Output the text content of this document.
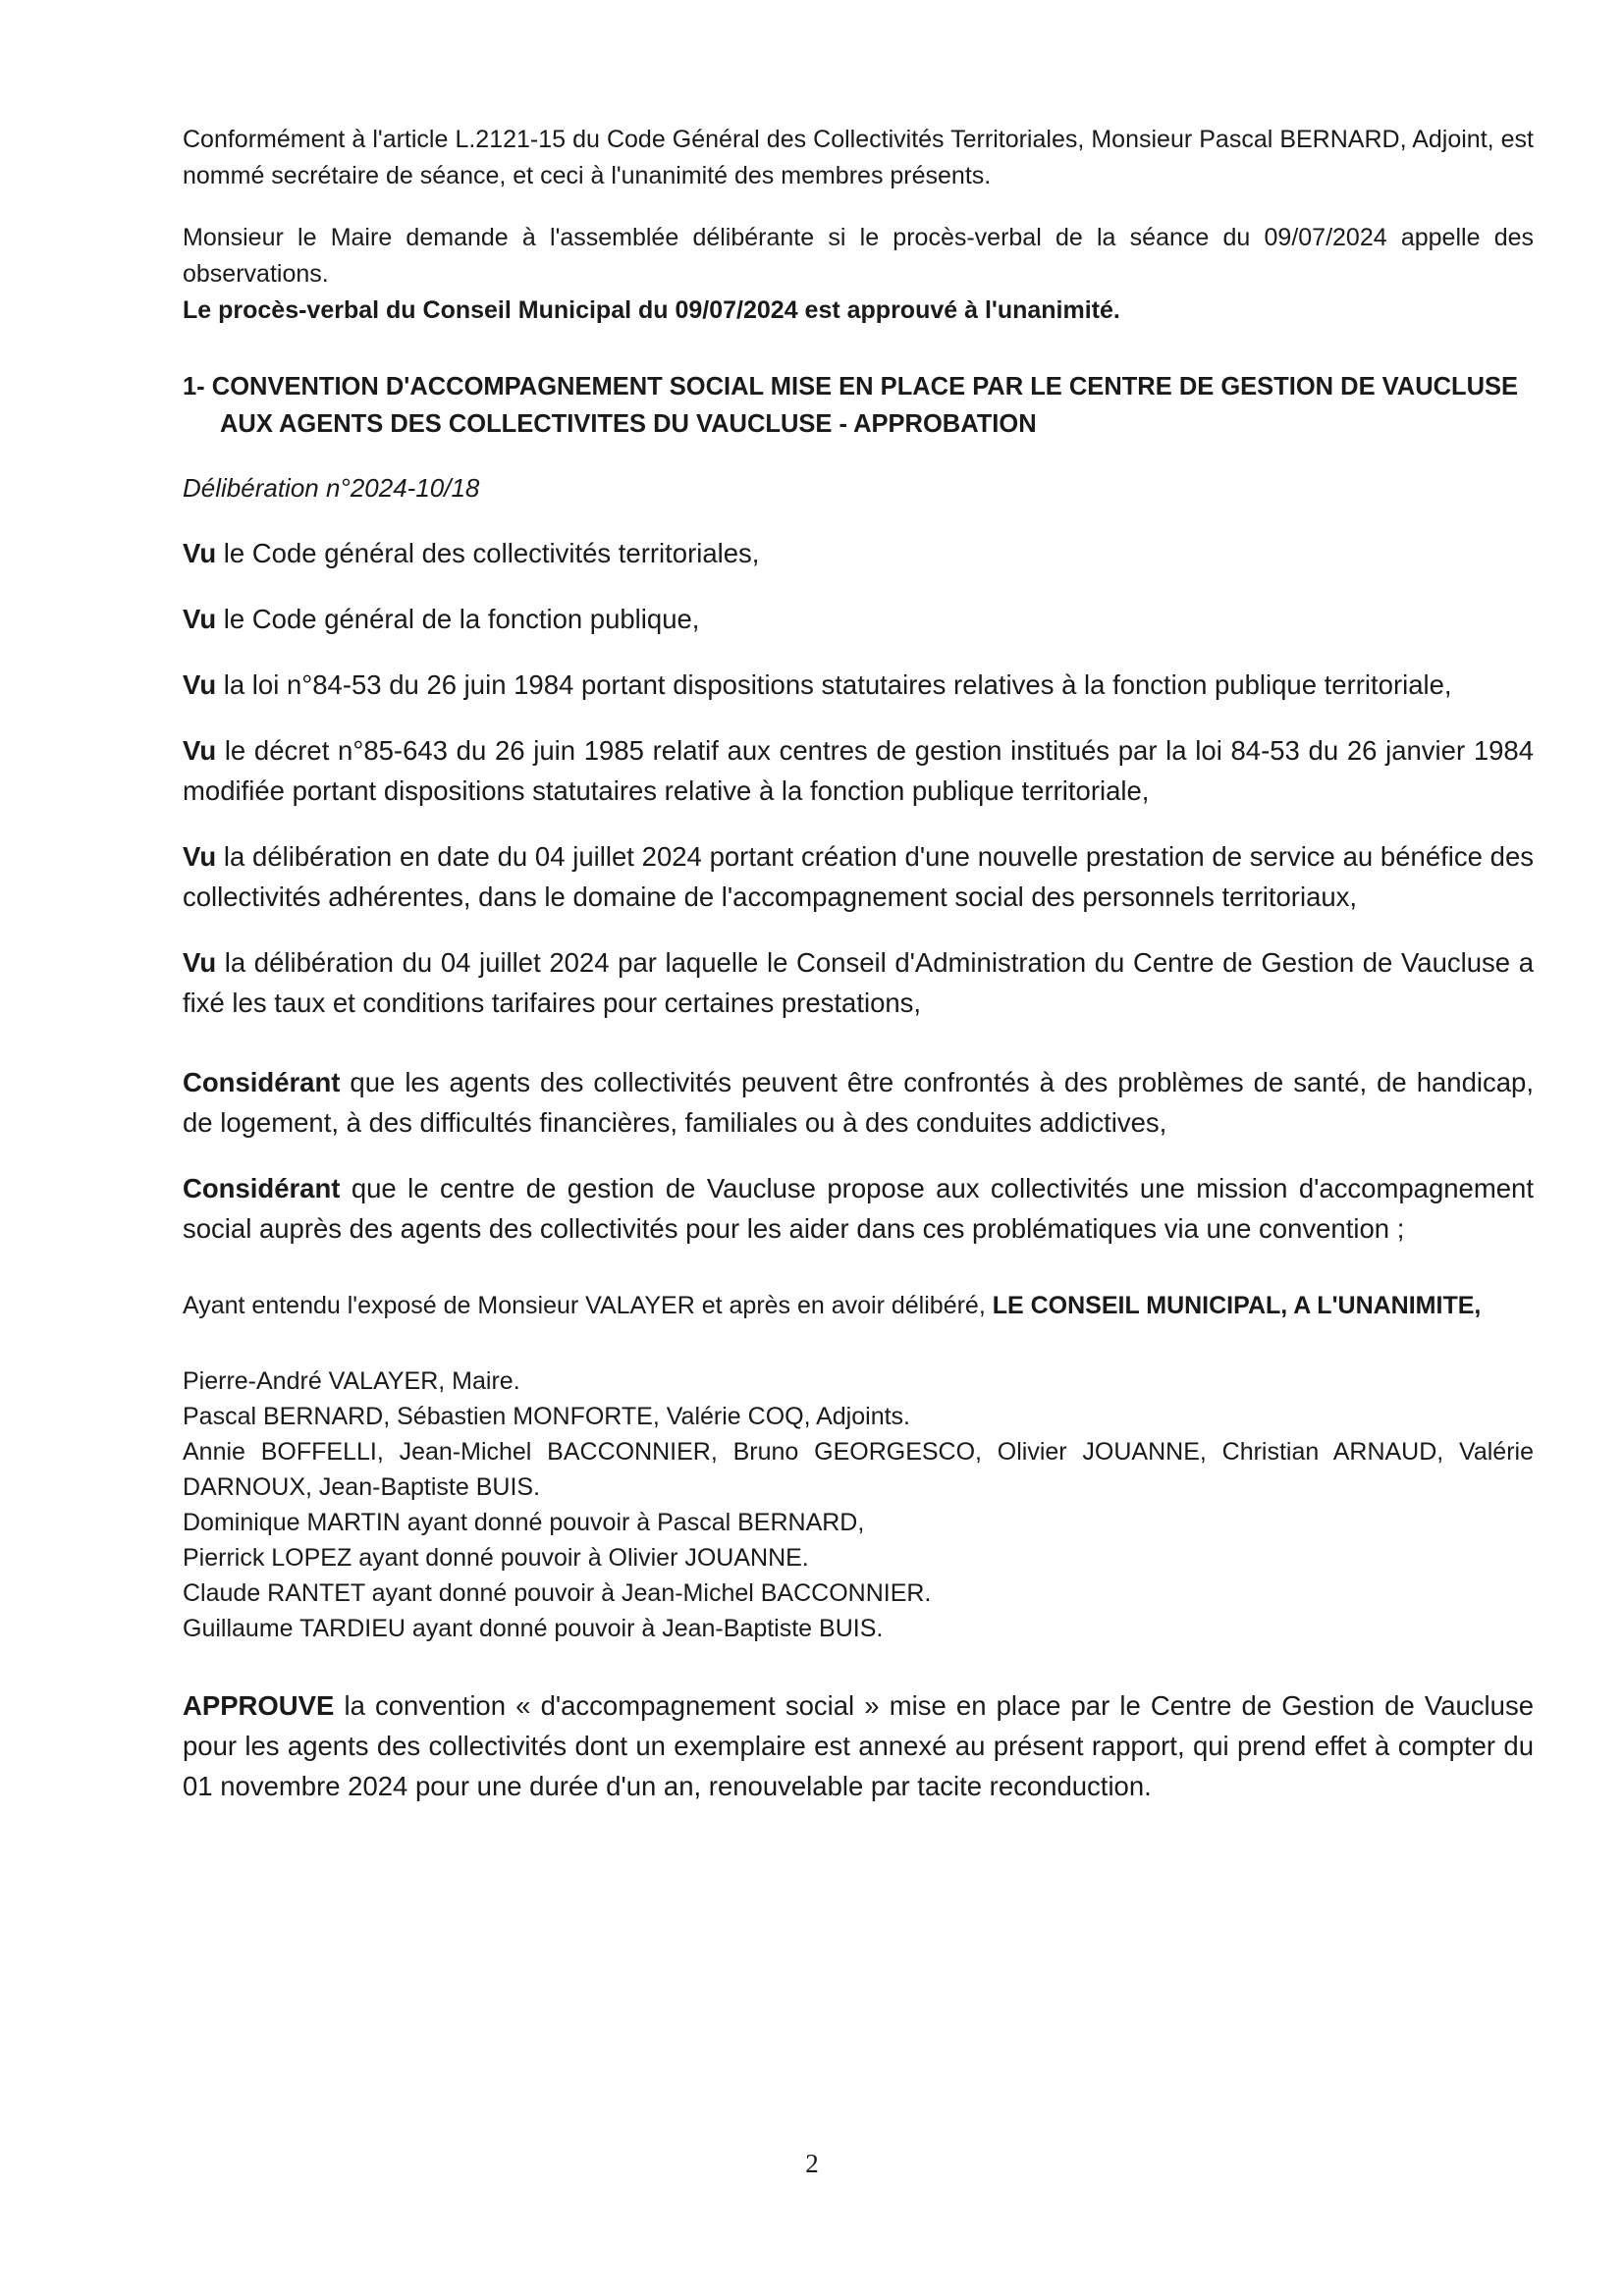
Conformément à l'article L.2121-15 du Code Général des Collectivités Territoriales, Monsieur Pascal BERNARD, Adjoint, est nommé secrétaire de séance, et ceci à l'unanimité des membres présents.

Monsieur le Maire demande à l'assemblée délibérante si le procès-verbal de la séance du 09/07/2024 appelle des observations.

Le procès-verbal du Conseil Municipal du 09/07/2024 est approuvé à l'unanimité.

1- CONVENTION D'ACCOMPAGNEMENT SOCIAL MISE EN PLACE PAR LE CENTRE DE GESTION DE VAUCLUSE AUX AGENTS DES COLLECTIVITES DU VAUCLUSE - APPROBATION

Délibération n°2024-10/18

Vu le Code général des collectivités territoriales,

Vu le Code général de la fonction publique,

Vu la loi n°84-53 du 26 juin 1984 portant dispositions statutaires relatives à la fonction publique territoriale,

Vu le décret n°85-643 du 26 juin 1985 relatif aux centres de gestion institués par la loi 84-53 du 26 janvier 1984 modifiée portant dispositions statutaires relative à la fonction publique territoriale,

Vu la délibération en date du 04 juillet 2024 portant création d'une nouvelle prestation de service au bénéfice des collectivités adhérentes, dans le domaine de l'accompagnement social des personnels territoriaux,

Vu la délibération du 04 juillet 2024 par laquelle le Conseil d'Administration du Centre de Gestion de Vaucluse a fixé les taux et conditions tarifaires pour certaines prestations,

Considérant que les agents des collectivités peuvent être confrontés à des problèmes de santé, de handicap, de logement, à des difficultés financières, familiales ou à des conduites addictives,

Considérant que le centre de gestion de Vaucluse propose aux collectivités une mission d'accompagnement social auprès des agents des collectivités pour les aider dans ces problématiques via une convention ;

Ayant entendu l'exposé de Monsieur VALAYER et après en avoir délibéré, LE CONSEIL MUNICIPAL, A L'UNANIMITE,

Pierre-André VALAYER, Maire.

Pascal BERNARD, Sébastien MONFORTE, Valérie COQ, Adjoints.

Annie BOFFELLI, Jean-Michel BACCONNIER, Bruno GEORGESCO, Olivier JOUANNE, Christian ARNAUD, Valérie DARNOUX, Jean-Baptiste BUIS.

Dominique MARTIN ayant donné pouvoir à Pascal BERNARD,

Pierrick LOPEZ ayant donné pouvoir à Olivier JOUANNE.

Claude RANTET ayant donné pouvoir à Jean-Michel BACCONNIER.

Guillaume TARDIEU ayant donné pouvoir à Jean-Baptiste BUIS.

APPROUVE la convention « d'accompagnement social » mise en place par le Centre de Gestion de Vaucluse pour les agents des collectivités dont un exemplaire est annexé au présent rapport, qui prend effet à compter du 01 novembre 2024 pour une durée d'un an, renouvelable par tacite reconduction.

2
